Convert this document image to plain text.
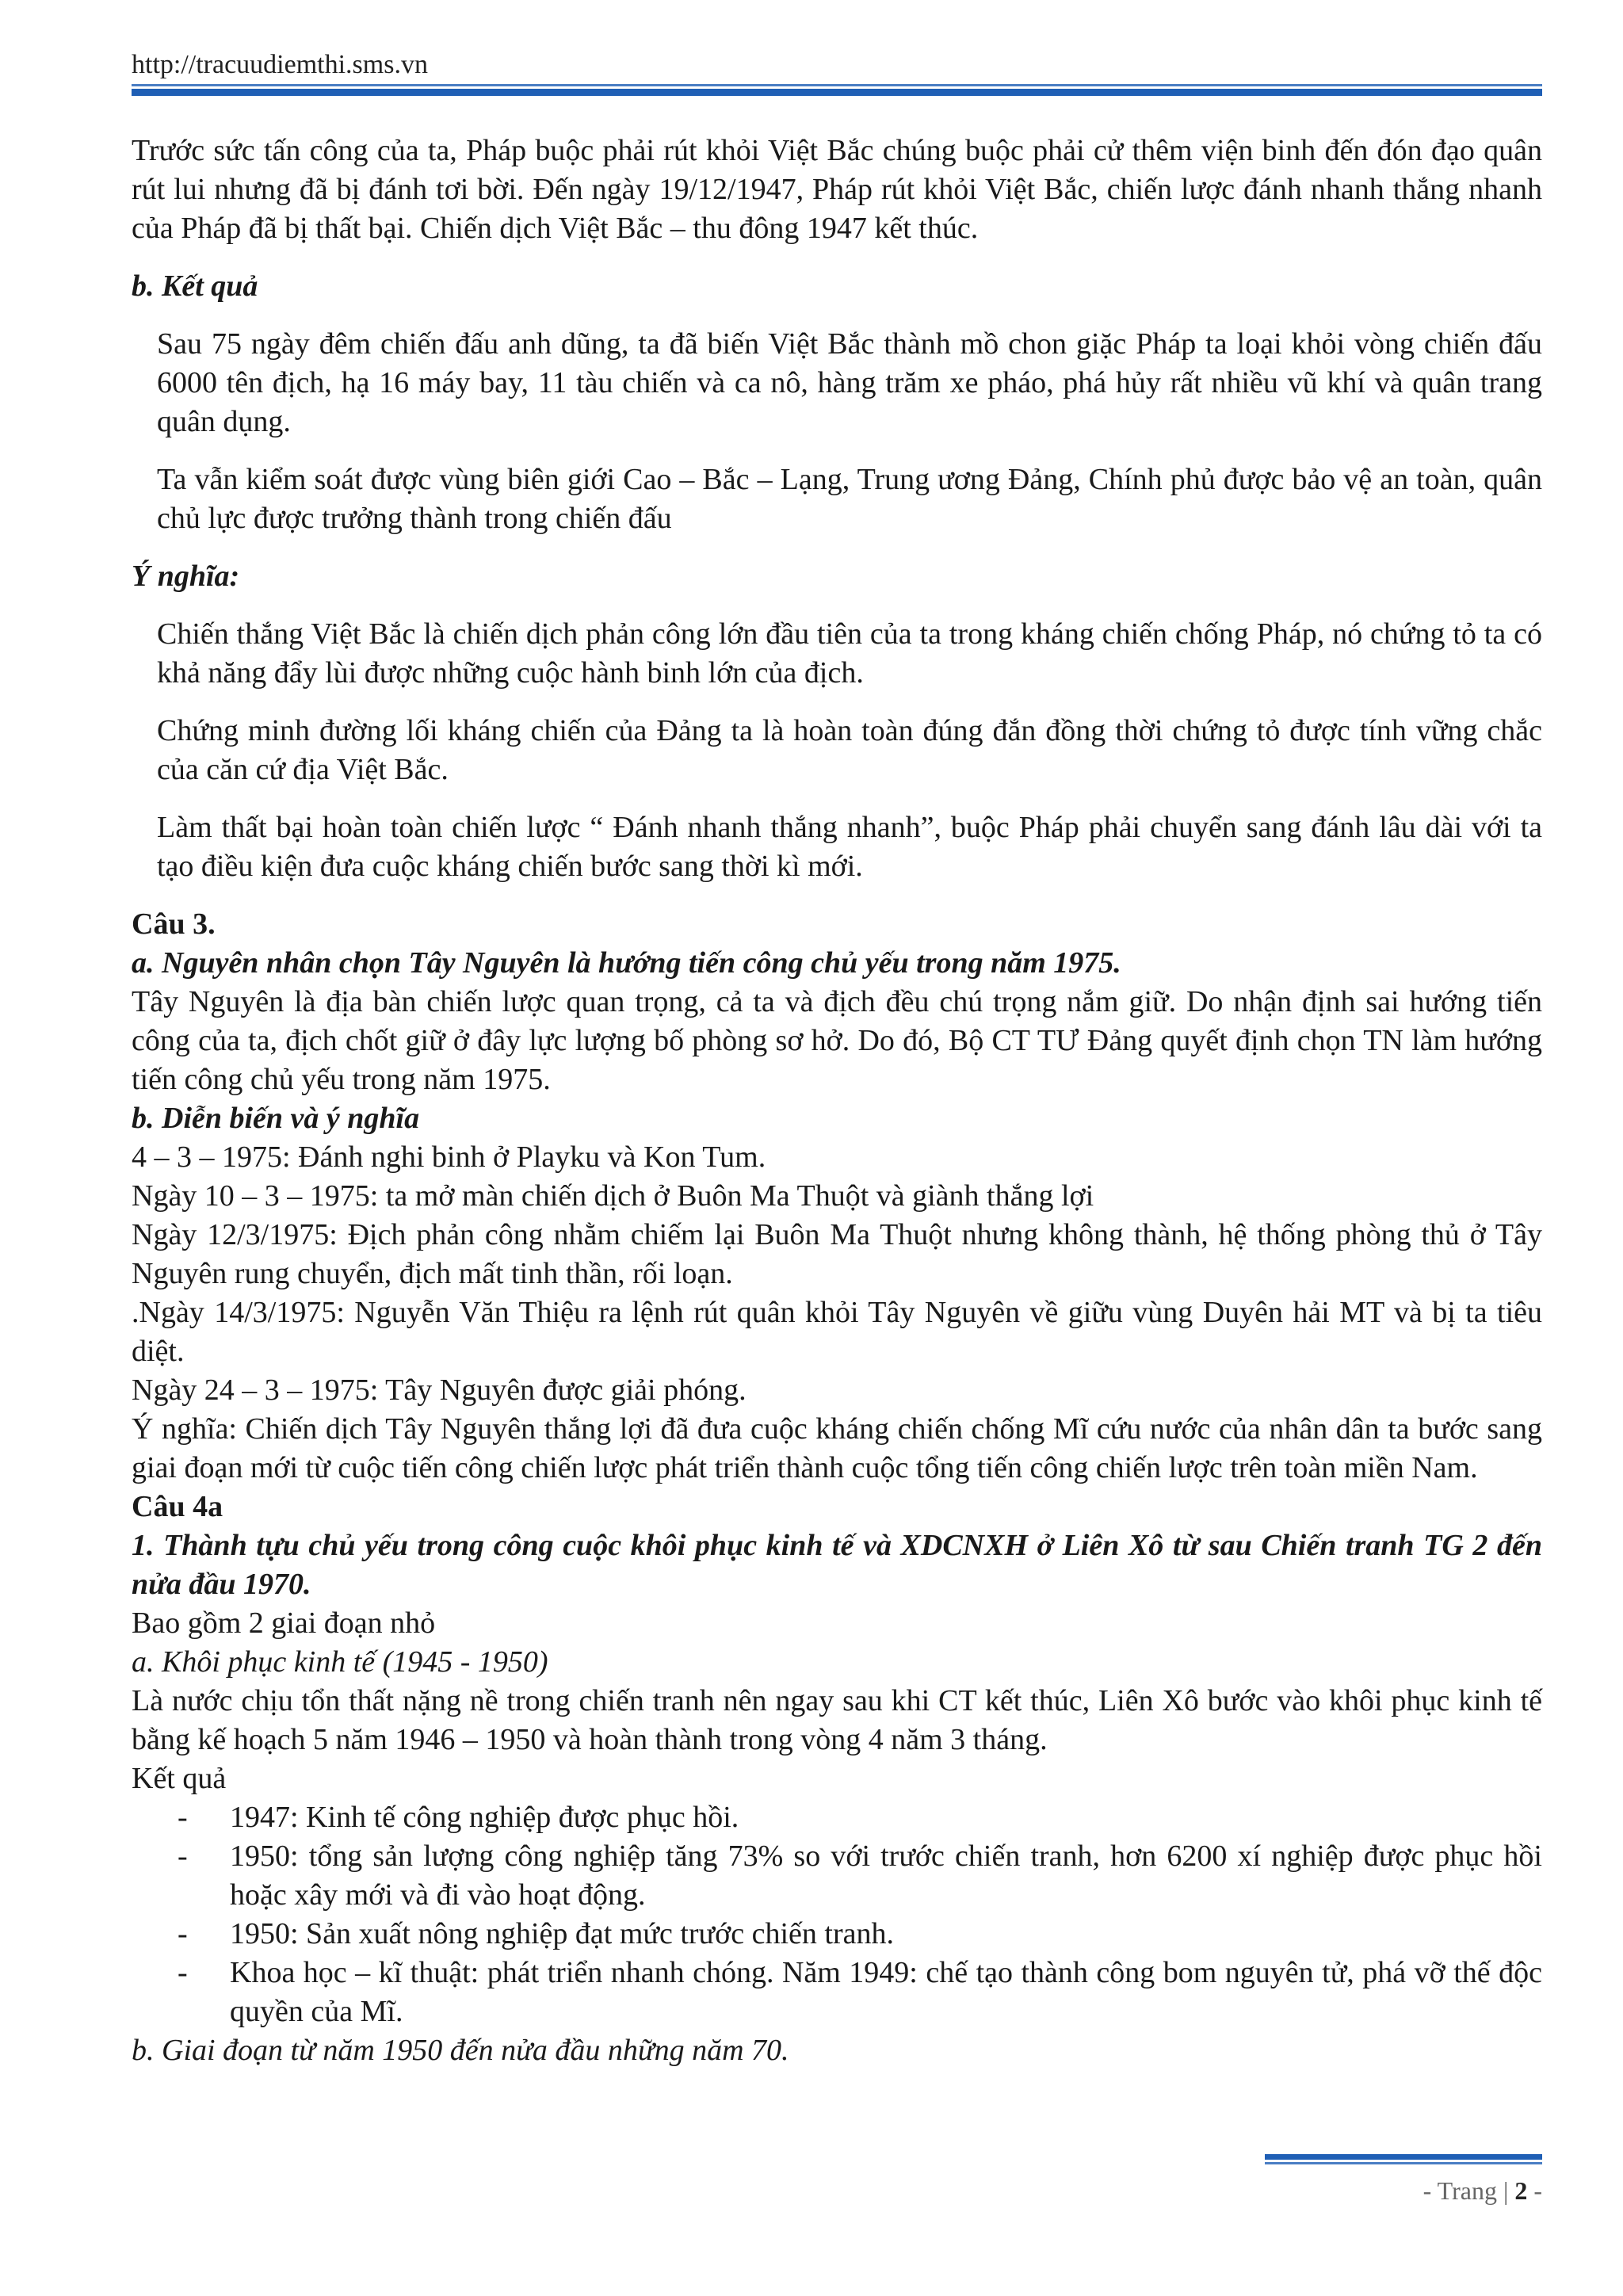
http://tracuudiemthi.sms.vn

Trước sức tấn công của ta, Pháp buộc phải rút khỏi Việt Bắc chúng buộc phải cử thêm viện binh đến đón đạo quân rút lui nhưng đã bị đánh tơi bời. Đến ngày 19/12/1947, Pháp rút khỏi Việt Bắc, chiến lược đánh nhanh thắng nhanh của Pháp đã bị thất bại. Chiến dịch Việt Bắc – thu đông 1947 kết thúc.

b. Kết quả

Sau 75 ngày đêm chiến đấu anh dũng, ta đã biến Việt Bắc thành mồ chon giặc Pháp ta loại khỏi vòng chiến đấu 6000 tên địch, hạ 16 máy bay, 11 tàu chiến và ca nô, hàng trăm xe pháo, phá hủy rất nhiều vũ khí và quân trang quân dụng.

Ta vẫn kiểm soát được vùng biên giới Cao – Bắc – Lạng, Trung ương Đảng, Chính phủ được bảo vệ an toàn, quân chủ lực được trưởng thành trong chiến đấu

Ý nghĩa:

Chiến thắng Việt Bắc là chiến dịch phản công lớn đầu tiên của ta trong kháng chiến chống Pháp, nó chứng tỏ ta có khả năng đẩy lùi được những cuộc hành binh lớn của địch.

Chứng minh đường lối kháng chiến của Đảng ta là hoàn toàn đúng đắn đồng thời chứng tỏ được tính vững chắc của căn cứ địa Việt Bắc.

Làm thất bại hoàn toàn chiến lược “ Đánh nhanh thắng nhanh”, buộc Pháp phải chuyển sang đánh lâu dài với ta tạo điều kiện đưa cuộc kháng chiến bước sang thời kì mới.

Câu 3.

a. Nguyên nhân chọn Tây Nguyên là hướng tiến công chủ yếu trong năm 1975.

Tây Nguyên là địa bàn chiến lược quan trọng, cả ta và địch đều chú trọng nắm giữ. Do nhận định sai hướng tiến công của ta, địch chốt giữ ở đây lực lượng bố phòng sơ hở. Do đó, Bộ CT TƯ Đảng quyết định chọn TN làm hướng tiến công chủ yếu trong năm 1975.

b. Diễn biến và ý nghĩa

4 – 3 – 1975: Đánh nghi binh ở Playku và Kon Tum.

Ngày 10 – 3 – 1975: ta mở màn chiến dịch ở Buôn Ma Thuột và giành thắng lợi

Ngày 12/3/1975: Địch phản công nhằm chiếm lại Buôn Ma Thuột nhưng không thành, hệ thống phòng thủ ở Tây Nguyên rung chuyển, địch mất tinh thần, rối loạn.

.Ngày 14/3/1975: Nguyễn Văn Thiệu ra lệnh rút quân khỏi Tây Nguyên về giữu vùng Duyên hải MT và bị ta tiêu diệt.

Ngày 24 – 3 – 1975: Tây Nguyên được giải phóng.

Ý nghĩa: Chiến dịch Tây Nguyên thắng lợi đã đưa cuộc kháng chiến chống Mĩ cứu nước của nhân dân ta bước sang giai đoạn mới từ cuộc tiến công chiến lược phát triển thành cuộc tổng tiến công chiến lược trên toàn miền Nam.

Câu 4a

1. Thành tựu chủ yếu trong công cuộc khôi phục kinh tế và XDCNXH ở Liên Xô từ sau Chiến tranh TG 2 đến nửa đầu 1970.

Bao gồm 2 giai đoạn nhỏ

a. Khôi phục kinh tế (1945 - 1950)

Là nước chịu tổn thất nặng nề trong chiến tranh nên ngay sau khi CT kết thúc, Liên Xô bước vào khôi phục kinh tế bằng kế hoạch 5 năm 1946 – 1950 và hoàn thành trong vòng 4 năm 3 tháng.

Kết quả

- 1947: Kinh tế công nghiệp được phục hồi.
- 1950: tổng sản lượng công nghiệp tăng 73% so với trước chiến tranh, hơn 6200 xí nghiệp được phục hồi hoặc xây mới và đi vào hoạt động.
- 1950: Sản xuất nông nghiệp đạt mức trước chiến tranh.
- Khoa học – kĩ thuật: phát triển nhanh chóng. Năm 1949: chế tạo thành công bom nguyên tử, phá vỡ thế độc quyền của Mĩ.

b. Giai đoạn từ năm 1950 đến nửa đầu những năm 70.

- Trang | 2 -
